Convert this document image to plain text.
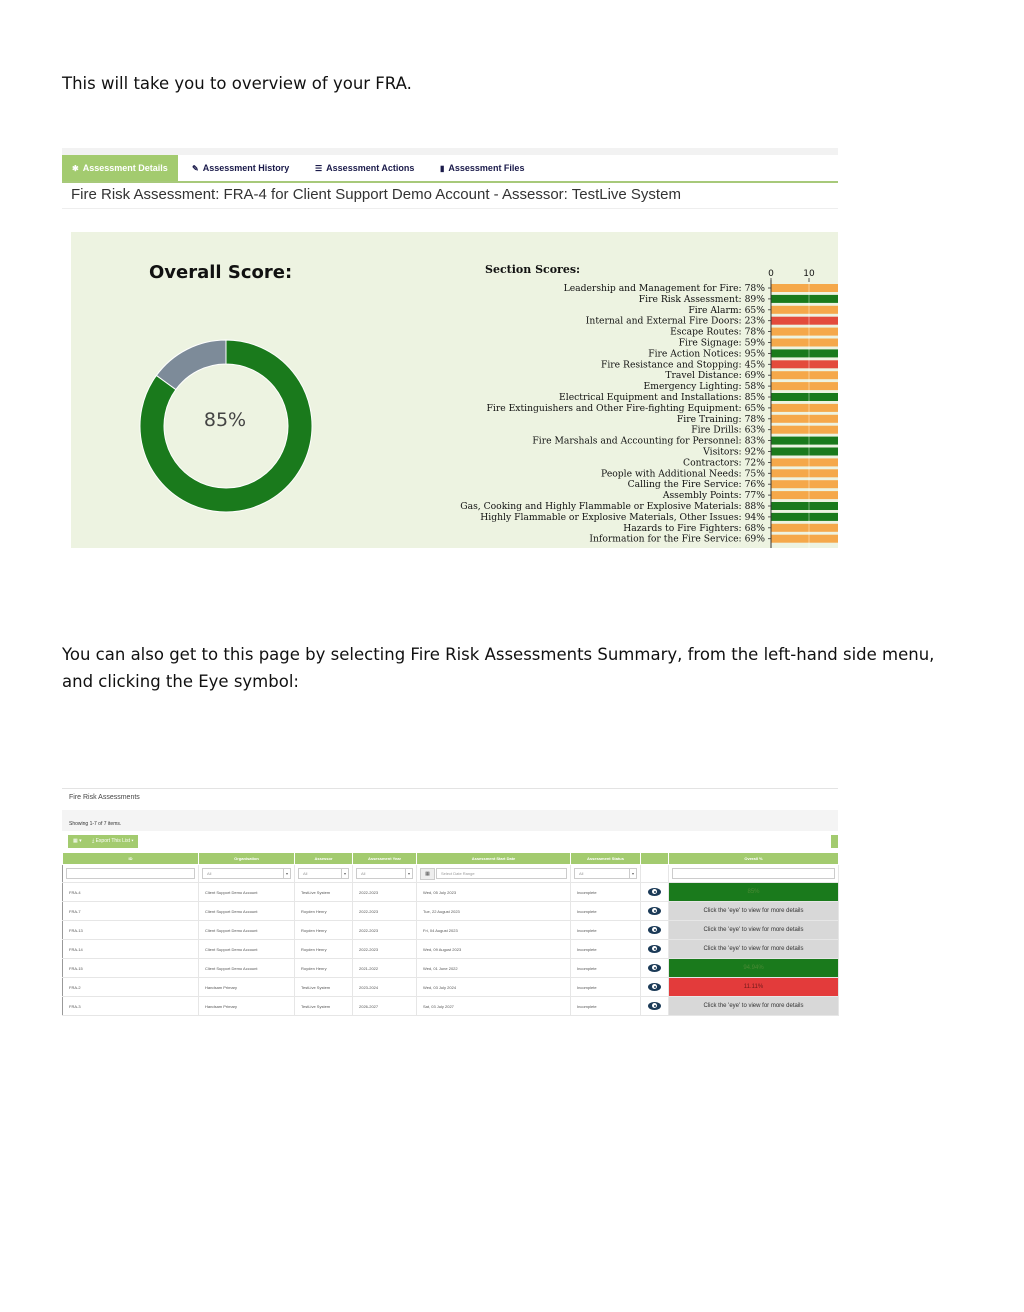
This will take you to overview of your FRA.
✱ Assessment Details	✎ Assessment History	☰ Assessment Actions	▮ Assessment Files
Fire Risk Assessment: FRA-4 for Client Support Demo Account - Assessor: TestLive System
Overall Score:
85%
Section Scores:	0	10
Leadership and Management for Fire: 78%
Fire Risk Assessment: 89%
Fire Alarm: 65%
Internal and External Fire Doors: 23%
Escape Routes: 78%
Fire Signage: 59%
Fire Action Notices: 95%
Fire Resistance and Stopping: 45%
Travel Distance: 69%
Emergency Lighting: 58%
Electrical Equipment and Installations: 85%
Fire Extinguishers and Other Fire-fighting Equipment: 65%
Fire Training: 78%
Fire Drills: 63%
Fire Marshals and Accounting for Personnel: 83%
Visitors: 92%
Contractors: 72%
People with Additional Needs: 75%
Calling the Fire Service: 76%
Assembly Points: 77%
Gas, Cooking and Highly Flammable or Explosive Materials: 88%
Highly Flammable or Explosive Materials, Other Issues: 94%
Hazards to Fire Fighters: 68%
Information for the Fire Service: 69%
You can also get to this page by selecting Fire Risk Assessments Summary, from the left-hand side menu, and clicking the Eye symbol:
Fire Risk Assessments
Showing 1-7 of 7 items.
▦ ▾	⤓ Export This List ▾
ID	Organisation	Assessor	Assessment Year	Assessment Start Date	Assessment Status		Overall %

	All ▾	All ▾	All ▾	▦ Select Date Range	All ▾		

FRA-4	Client Support Demo Account	TestLive System	2022-2023	Wed, 05 July 2023	Incomplete		85%
FRA-7	Client Support Demo Account	Royden Henry	2022-2023	Tue, 22 August 2023	Incomplete		Click the 'eye' to view for more details
FRA-13	Client Support Demo Account	Royden Henry	2022-2023	Fri, 04 August 2023	Incomplete		Click the 'eye' to view for more details
FRA-14	Client Support Demo Account	Royden Henry	2022-2023	Wed, 09 August 2023	Incomplete		Click the 'eye' to view for more details
FRA-15	Client Support Demo Account	Royden Henry	2021-2022	Wed, 01 June 2022	Incomplete		94.94%
FRA-2	Handsam Primary	TestLive System	2023-2024	Wed, 03 July 2024	Incomplete		11.11%
FRA-3	Handsam Primary	TestLive System	2026-2027	Sat, 03 July 2027	Incomplete		Click the 'eye' to view for more details
